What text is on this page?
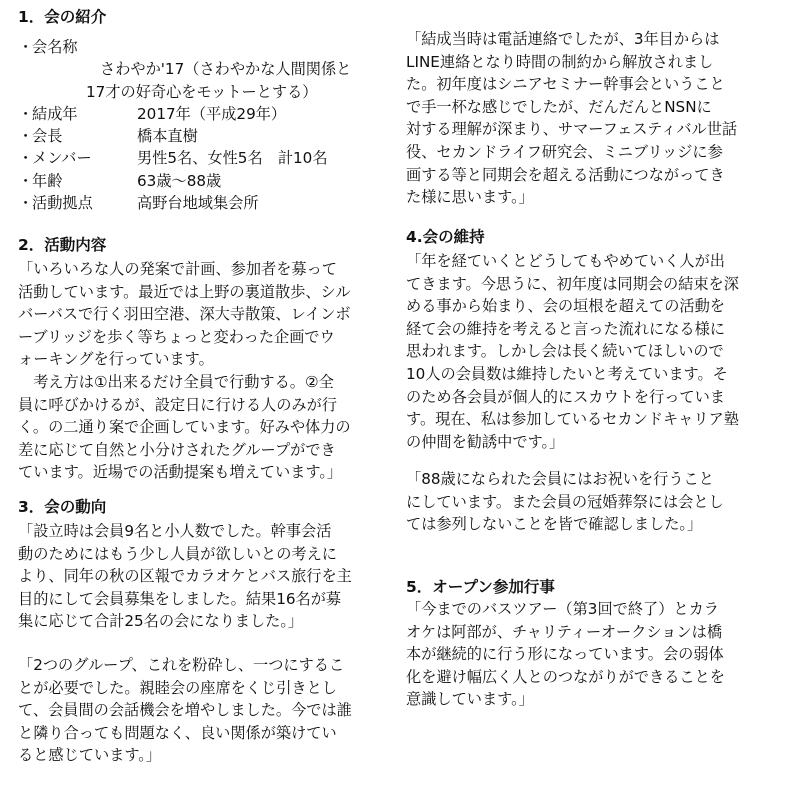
1．会の紹介
・会名称
さわやか'17（さわやかな人間関係と
17才の好奇心をモットーとする）
・結成年	2017年（平成29年）
・会長	橋本直樹
・メンバー	男性5名、女性5名　計10名
・年齢	63歳～88歳
・活動拠点	高野台地域集会所
2．活動内容

「いろいろな人の発案で計画、参加者を募って
活動しています。最近では上野の裏道散歩、シル
バーバスで行く羽田空港、深大寺散策、レインボ
ーブリッジを歩く等ちょっと変わった企画でウ
ォーキングを行っています。
　考え方は①出来るだけ全員で行動する。②全
員に呼びかけるが、設定日に行ける人のみが行
く。の二通り案で企画しています。好みや体力の
差に応じて自然と小分けされたグループができ
ています。近場での活動提案も増えています。」

3．会の動向

「設立時は会員9名と小人数でした。幹事会活
動のためにはもう少し人員が欲しいとの考えに
より、同年の秋の区報でカラオケとバス旅行を主
目的にして会員募集をしました。結果16名が募
集に応じて合計25名の会になりました。」

「2つのグループ、これを粉砕し、一つにするこ
とが必要でした。親睦会の座席をくじ引きとし
て、会員間の会話機会を増やしました。今では誰
と隣り合っても問題なく、良い関係が築けてい
ると感じています。」

「結成当時は電話連絡でしたが、3年目からは
LINE連絡となり時間の制約から解放されまし
た。初年度はシニアセミナー幹事会ということ
で手一杯な感じでしたが、だんだんとNSNに
対する理解が深まり、サマーフェスティバル世話
役、セカンドライフ研究会、ミニブリッジに参
画する等と同期会を超える活動につながってき
た様に思います。」

4.会の維持

「年を経ていくとどうしてもやめていく人が出
てきます。今思うに、初年度は同期会の結束を深
める事から始まり、会の垣根を超えての活動を
経て会の維持を考えると言った流れになる様に
思われます。しかし会は長く続いてほしいので
10人の会員数は維持したいと考えています。そ
のため各会員が個人的にスカウトを行っていま
す。現在、私は参加しているセカンドキャリア塾
の仲間を勧誘中です。」

「88歳になられた会員にはお祝いを行うこと
にしています。また会員の冠婚葬祭には会とし
ては参列しないことを皆で確認しました。」

5．オープン参加行事

「今までのバスツアー（第3回で終了）とカラ
オケは阿部が、チャリティーオークションは橋
本が継続的に行う形になっています。会の弱体
化を避け幅広く人とのつながりができることを
意識しています。」
